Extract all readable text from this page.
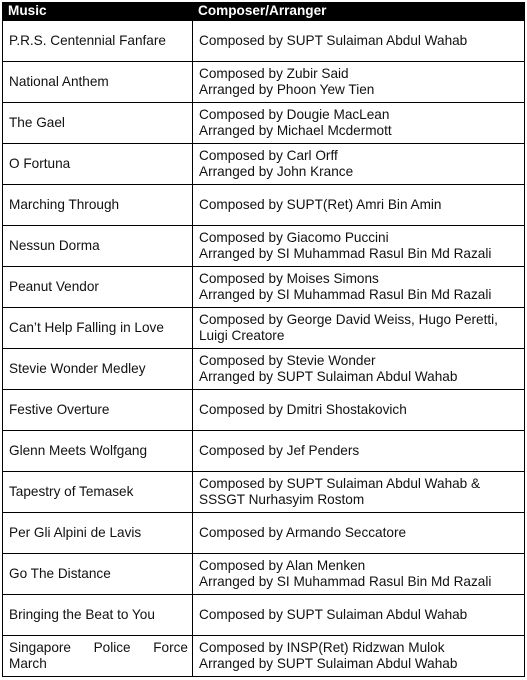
Music	Composer/Arranger
P.R.S. Centennial Fanfare	Composed by SUPT Sulaiman Abdul Wahab

National Anthem	Composed by Zubir Said
Arranged by Phoon Yew Tien

The Gael	Composed by Dougie MacLean
Arranged by Michael Mcdermott

O Fortuna	Composed by Carl Orff
Arranged by John Krance

Marching Through	Composed by SUPT(Ret) Amri Bin Amin

Nessun Dorma	Composed by Giacomo Puccini
Arranged by SI Muhammad Rasul Bin Md Razali

Peanut Vendor	Composed by Moises Simons
Arranged by SI Muhammad Rasul Bin Md Razali

Can’t Help Falling in Love	Composed by George David Weiss, Hugo Peretti, Luigi Creatore

Stevie Wonder Medley	Composed by Stevie Wonder
Arranged by SUPT Sulaiman Abdul Wahab

Festive Overture	Composed by Dmitri Shostakovich

Glenn Meets Wolfgang	Composed by Jef Penders

Tapestry of Temasek	Composed by SUPT Sulaiman Abdul Wahab & SSSGT Nurhasyim Rostom

Per Gli Alpini de Lavis	Composed by Armando Seccatore

Go The Distance	Composed by Alan Menken
Arranged by SI Muhammad Rasul Bin Md Razali

Bringing the Beat to You	Composed by SUPT Sulaiman Abdul Wahab

Singapore Police Force March	Composed by INSP(Ret) Ridzwan Mulok
Arranged by SUPT Sulaiman Abdul Wahab
